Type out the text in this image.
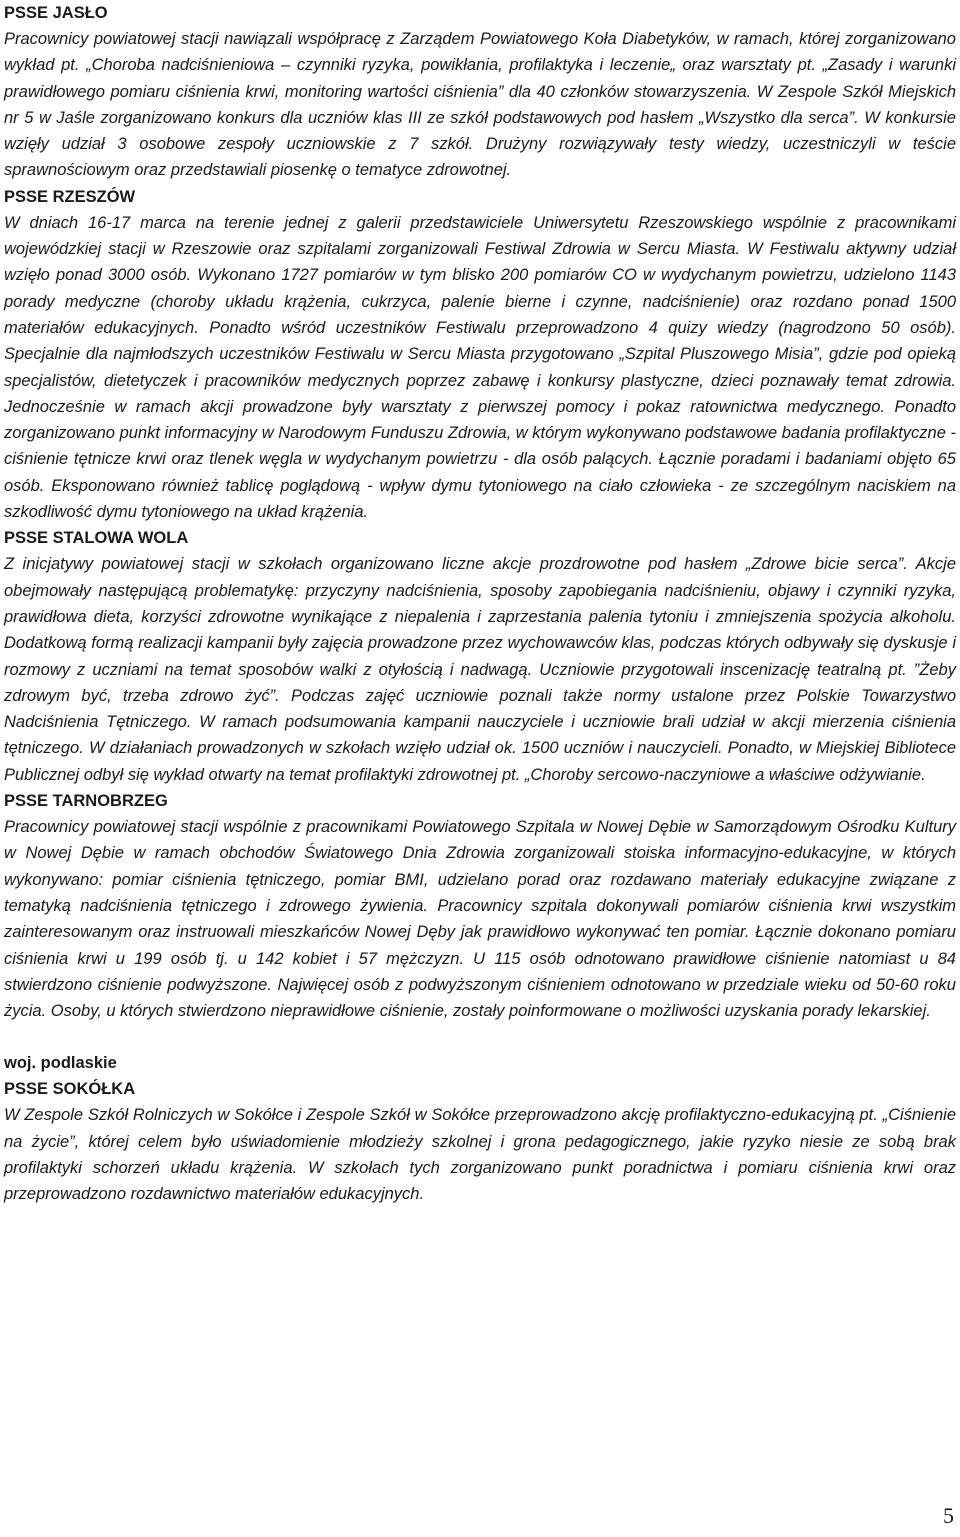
PSSE JASŁO

Pracownicy powiatowej stacji nawiązali współpracę z Zarządem Powiatowego Koła Diabetyków, w ramach, której zorganizowano wykład pt. „Choroba nadciśnieniowa – czynniki ryzyka, powikłania, profilaktyka i leczenie„ oraz warsztaty pt. „Zasady i warunki prawidłowego pomiaru ciśnienia krwi, monitoring wartości ciśnienia” dla 40 członków stowarzyszenia. W Zespole Szkół Miejskich nr 5 w Jaśle zorganizowano konkurs dla uczniów klas III ze szkół podstawowych pod hasłem „Wszystko dla serca”. W konkursie wzięły udział 3 osobowe zespoły uczniowskie z 7 szkół. Drużyny rozwiązywały testy wiedzy, uczestniczyli w teście sprawnościowym oraz przedstawiali piosenkę o tematyce zdrowotnej.

PSSE RZESZÓW

W dniach 16-17 marca na terenie jednej z galerii przedstawiciele Uniwersytetu Rzeszowskiego wspólnie z pracownikami wojewódzkiej stacji w Rzeszowie oraz szpitalami zorganizowali Festiwal Zdrowia w Sercu Miasta. W Festiwalu aktywny udział wzięło ponad 3000 osób. Wykonano 1727 pomiarów w tym blisko 200 pomiarów CO w wydychanym powietrzu, udzielono 1143 porady medyczne (choroby układu krążenia, cukrzyca, palenie bierne i czynne, nadciśnienie) oraz rozdano ponad 1500 materiałów edukacyjnych. Ponadto wśród uczestników Festiwalu przeprowadzono 4 quizy wiedzy (nagrodzono 50 osób). Specjalnie dla najmłodszych uczestników Festiwalu w Sercu Miasta przygotowano „Szpital Pluszowego Misia”, gdzie pod opieką specjalistów, dietetyczek i pracowników medycznych poprzez zabawę i konkursy plastyczne, dzieci poznawały temat zdrowia. Jednocześnie w ramach akcji prowadzone były warsztaty z pierwszej pomocy i pokaz ratownictwa medycznego. Ponadto zorganizowano punkt informacyjny w Narodowym Funduszu Zdrowia, w którym wykonywano podstawowe badania profilaktyczne - ciśnienie tętnicze krwi oraz tlenek węgla w wydychanym powietrzu - dla osób palących. Łącznie poradami i badaniami objęto 65 osób. Eksponowano również tablicę poglądową - wpływ dymu tytoniowego na ciało człowieka - ze szczególnym naciskiem na szkodliwość dymu tytoniowego na układ krążenia.

PSSE STALOWA WOLA

Z inicjatywy powiatowej stacji w szkołach organizowano liczne akcje prozdrowotne pod hasłem „Zdrowe bicie serca”. Akcje obejmowały następującą problematykę: przyczyny nadciśnienia, sposoby zapobiegania nadciśnieniu, objawy i czynniki ryzyka, prawidłowa dieta, korzyści zdrowotne wynikające z niepalenia i zaprzestania palenia tytoniu i zmniejszenia spożycia alkoholu. Dodatkową formą realizacji kampanii były zajęcia prowadzone przez wychowawców klas, podczas których odbywały się dyskusje i rozmowy z uczniami na temat sposobów walki z otyłością i nadwagą. Uczniowie przygotowali inscenizację teatralną pt. ”Żeby zdrowym być, trzeba zdrowo żyć”. Podczas zajęć uczniowie poznali także normy ustalone przez Polskie Towarzystwo Nadciśnienia Tętniczego. W ramach podsumowania kampanii nauczyciele i uczniowie brali udział w akcji mierzenia ciśnienia tętniczego. W działaniach prowadzonych w szkołach wzięło udział ok. 1500 uczniów i nauczycieli. Ponadto, w Miejskiej Bibliotece Publicznej odbył się wykład otwarty na temat profilaktyki zdrowotnej pt. „Choroby sercowo-naczyniowe a właściwe odżywianie.

PSSE TARNOBRZEG

Pracownicy powiatowej stacji wspólnie z pracownikami Powiatowego Szpitala w Nowej Dębie w Samorządowym Ośrodku Kultury w Nowej Dębie w ramach obchodów Światowego Dnia Zdrowia zorganizowali stoiska informacyjno-edukacyjne, w których wykonywano: pomiar ciśnienia tętniczego, pomiar BMI, udzielano porad oraz rozdawano materiały edukacyjne związane z tematyką nadciśnienia tętniczego i zdrowego żywienia. Pracownicy szpitala dokonywali pomiarów ciśnienia krwi wszystkim zainteresowanym oraz instruowali mieszkańców Nowej Dęby jak prawidłowo wykonywać ten pomiar. Łącznie dokonano pomiaru ciśnienia krwi u 199 osób tj. u 142 kobiet i 57 mężczyzn. U 115 osób odnotowano prawidłowe ciśnienie natomiast u 84 stwierdzono ciśnienie podwyższone. Najwięcej osób z podwyższonym ciśnieniem odnotowano w przedziale wieku od 50-60 roku życia. Osoby, u których stwierdzono nieprawidłowe ciśnienie, zostały poinformowane o możliwości uzyskania porady lekarskiej.

woj. podlaskie

PSSE SOKÓŁKA

W Zespole Szkół Rolniczych w Sokółce i Zespole Szkół w Sokółce przeprowadzono akcję profilaktyczno-edukacyjną pt. „Ciśnienie na życie”, której celem było uświadomienie młodzieży szkolnej i grona pedagogicznego, jakie ryzyko niesie ze sobą brak profilaktyki schorzeń układu krążenia. W szkołach tych zorganizowano punkt poradnictwa i pomiaru ciśnienia krwi oraz przeprowadzono rozdawnictwo materiałów edukacyjnych.

5
